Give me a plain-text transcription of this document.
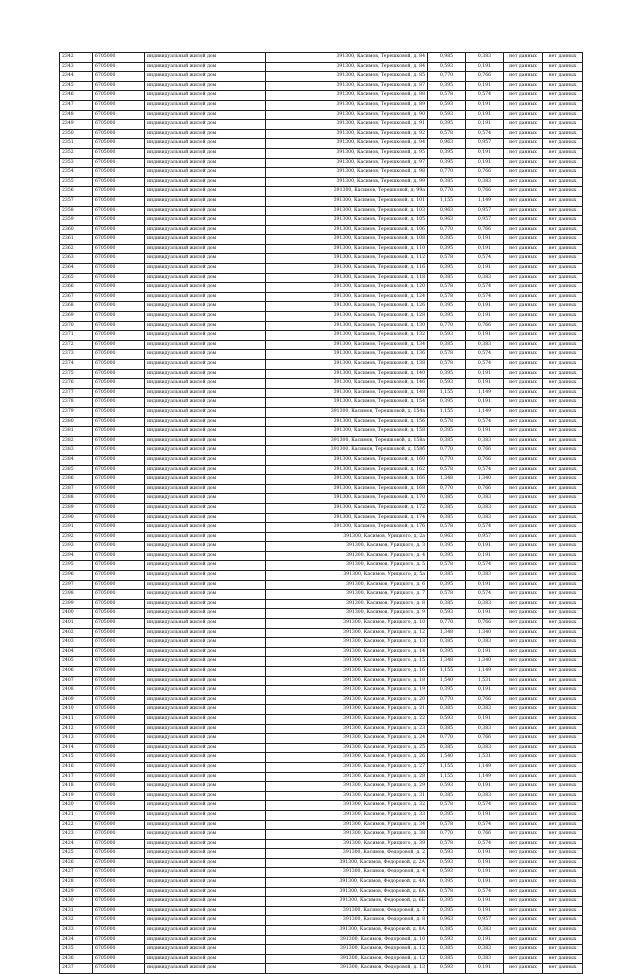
2342	6705000	индивидуальный жилой дом	391300, Касимов, Терешковой, д. 84	0,985	0,383	нет данных	нет данных
2343	6705000	индивидуальный жилой дом	391300, Касимов, Терешковой, д. 84	0,593	0,191	нет данных	нет данных
2344	6705000	индивидуальный жилой дом	391300, Касимов, Терешковой, д. 85	0,770	0,766	нет данных	нет данных
2345	6705000	индивидуальный жилой дом	391300, Касимов, Терешковой, д. 87	0,395	0,191	нет данных	нет данных
2346	6705000	индивидуальный жилой дом	391300, Касимов, Терешковой, д. 88	0,578	0,574	нет данных	нет данных
2347	6705000	индивидуальный жилой дом	391300, Касимов, Терешковой, д. 89	0,593	0,191	нет данных	нет данных
2348	6705000	индивидуальный жилой дом	391300, Касимов, Терешковой, д. 90	0,593	0,191	нет данных	нет данных
2349	6705000	индивидуальный жилой дом	391300, Касимов, Терешковой, д. 91	0,395	0,191	нет данных	нет данных
2350	6705000	индивидуальный жилой дом	391300, Касимов, Терешковой, д. 92	0,578	0,574	нет данных	нет данных
2351	6705000	индивидуальный жилой дом	391300, Касимов, Терешковой, д. 94	0,963	0,957	нет данных	нет данных
2352	6705000	индивидуальный жилой дом	391300, Касимов, Терешковой, д. 95	0,395	0,191	нет данных	нет данных
2353	6705000	индивидуальный жилой дом	391300, Касимов, Терешковой, д. 97	0,395	0,191	нет данных	нет данных
2354	6705000	индивидуальный жилой дом	391300, Касимов, Терешковой, д. 98	0,770	0,766	нет данных	нет данных
2355	6705000	индивидуальный жилой дом	391300, Касимов, Терешковой, д. 99	0,385	0,383	нет данных	нет данных
2356	6705000	индивидуальный жилой дом	391300, Касимов, Терешковой, д. 99а	0,770	0,766	нет данных	нет данных
2357	6705000	индивидуальный жилой дом	391300, Касимов, Терешковой, д. 101	1,155	1,149	нет данных	нет данных
2358	6705000	индивидуальный жилой дом	391300, Касимов, Терешковой, д. 103	0,963	0,957	нет данных	нет данных
2359	6705000	индивидуальный жилой дом	391300, Касимов, Терешковой, д. 105	0,963	0,957	нет данных	нет данных
2360	6705000	индивидуальный жилой дом	391300, Касимов, Терешковой, д. 106	0,770	0,766	нет данных	нет данных
2361	6705000	индивидуальный жилой дом	391300, Касимов, Терешковой, д. 108	0,395	0,191	нет данных	нет данных
2362	6705000	индивидуальный жилой дом	391300, Касимов, Терешковой, д. 110	0,395	0,191	нет данных	нет данных
2363	6705000	индивидуальный жилой дом	391300, Касимов, Терешковой, д. 112	0,578	0,574	нет данных	нет данных
2364	6705000	индивидуальный жилой дом	391300, Касимов, Терешковой, д. 116	0,395	0,191	нет данных	нет данных
2365	6705000	индивидуальный жилой дом	391300, Касимов, Терешковой, д. 118	0,385	0,383	нет данных	нет данных
2366	6705000	индивидуальный жилой дом	391300, Касимов, Терешковой, д. 120	0,578	0,574	нет данных	нет данных
2367	6705000	индивидуальный жилой дом	391300, Касимов, Терешковой, д. 124	0,578	0,574	нет данных	нет данных
2368	6705000	индивидуальный жилой дом	391300, Касимов, Терешковой, д. 126	0,395	0,191	нет данных	нет данных
2369	6705000	индивидуальный жилой дом	391300, Касимов, Терешковой, д. 128	0,395	0,191	нет данных	нет данных
2370	6705000	индивидуальный жилой дом	391300, Касимов, Терешковой, д. 130	0,770	0,766	нет данных	нет данных
2371	6705000	индивидуальный жилой дом	391300, Касимов, Терешковой, д. 132	0,593	0,191	нет данных	нет данных
2372	6705000	индивидуальный жилой дом	391300, Касимов, Терешковой, д. 134	0,385	0,383	нет данных	нет данных
2373	6705000	индивидуальный жилой дом	391300, Касимов, Терешковой, д. 136	0,578	0,574	нет данных	нет данных
2374	6705000	индивидуальный жилой дом	391300, Касимов, Терешковой, д. 138	0,578	0,574	нет данных	нет данных
2375	6705000	индивидуальный жилой дом	391300, Касимов, Терешковой, д. 140	0,395	0,191	нет данных	нет данных
2376	6705000	индивидуальный жилой дом	391300, Касимов, Терешковой, д. 146	0,593	0,191	нет данных	нет данных
2377	6705000	индивидуальный жилой дом	391300, Касимов, Терешковой, д. 148	1,155	1,149	нет данных	нет данных
2378	6705000	индивидуальный жилой дом	391300, Касимов, Терешковой, д. 154	0,395	0,191	нет данных	нет данных
2379	6705000	индивидуальный жилой дом	391300, Касимов, Терешковой, д. 154а	1,155	1,149	нет данных	нет данных
2380	6705000	индивидуальный жилой дом	391300, Касимов, Терешковой, д. 156	0,578	0,574	нет данных	нет данных
2381	6705000	индивидуальный жилой дом	391300, Касимов, Терешковой, д. 158	0,395	0,191	нет данных	нет данных
2382	6705000	индивидуальный жилой дом	391300, Касимов, Терешковой, д. 158а	0,385	0,383	нет данных	нет данных
2383	6705000	индивидуальный жилой дом	391300, Касимов, Терешковой, д. 158б	0,770	0,766	нет данных	нет данных
2384	6705000	индивидуальный жилой дом	391300, Касимов, Терешковой, д. 160	0,770	0,766	нет данных	нет данных
2385	6705000	индивидуальный жилой дом	391300, Касимов, Терешковой, д. 162	0,578	0,574	нет данных	нет данных
2386	6705000	индивидуальный жилой дом	391300, Касимов, Терешковой, д. 166	1,348	1,340	нет данных	нет данных
2387	6705000	индивидуальный жилой дом	391300, Касимов, Терешковой, д. 168	0,770	0,766	нет данных	нет данных
2388	6705000	индивидуальный жилой дом	391300, Касимов, Терешковой, д. 170	0,385	0,383	нет данных	нет данных
2389	6705000	индивидуальный жилой дом	391300, Касимов, Терешковой, д. 172	0,385	0,383	нет данных	нет данных
2390	6705000	индивидуальный жилой дом	391300, Касимов, Терешковой, д. 174	0,385	0,383	нет данных	нет данных
2391	6705000	индивидуальный жилой дом	391300, Касимов, Терешковой, д. 176	0,578	0,574	нет данных	нет данных
2392	6705000	индивидуальный жилой дом	391300, Касимов, Урицкого, д. 2а	0,963	0,957	нет данных	нет данных
2393	6705000	индивидуальный жилой дом	391300, Касимов, Урицкого, д. 3	0,395	0,191	нет данных	нет данных
2394	6705000	индивидуальный жилой дом	391300, Касимов, Урицкого, д. 4	0,395	0,191	нет данных	нет данных
2395	6705000	индивидуальный жилой дом	391300, Касимов, Урицкого, д. 5	0,578	0,574	нет данных	нет данных
2396	6705000	индивидуальный жилой дом	391300, Касимов, Урицкого, д. 5а	0,385	0,383	нет данных	нет данных
2397	6705000	индивидуальный жилой дом	391300, Касимов, Урицкого, д. 6	0,395	0,191	нет данных	нет данных
2398	6705000	индивидуальный жилой дом	391300, Касимов, Урицкого, д. 7	0,578	0,574	нет данных	нет данных
2399	6705000	индивидуальный жилой дом	391300, Касимов, Урицкого, д. 8	0,385	0,383	нет данных	нет данных
2400	6705000	индивидуальный жилой дом	391300, Касимов, Урицкого, д. 9	0,593	0,191	нет данных	нет данных
2401	6705000	индивидуальный жилой дом	391300, Касимов, Урицкого, д. 10	0,770	0,766	нет данных	нет данных
2402	6705000	индивидуальный жилой дом	391300, Касимов, Урицкого, д. 12	1,348	1,340	нет данных	нет данных
2403	6705000	индивидуальный жилой дом	391300, Касимов, Урицкого, д. 13	0,385	0,383	нет данных	нет данных
2404	6705000	индивидуальный жилой дом	391300, Касимов, Урицкого, д. 14	0,395	0,191	нет данных	нет данных
2405	6705000	индивидуальный жилой дом	391300, Касимов, Урицкого, д. 15	1,348	1,340	нет данных	нет данных
2406	6705000	индивидуальный жилой дом	391300, Касимов, Урицкого, д. 16	1,155	1,149	нет данных	нет данных
2407	6705000	индивидуальный жилой дом	391300, Касимов, Урицкого, д. 18	1,540	1,531	нет данных	нет данных
2408	6705000	индивидуальный жилой дом	391300, Касимов, Урицкого, д. 19	0,395	0,191	нет данных	нет данных
2409	6705000	индивидуальный жилой дом	391300, Касимов, Урицкого, д. 20	0,770	0,766	нет данных	нет данных
2410	6705000	индивидуальный жилой дом	391300, Касимов, Урицкого, д. 21	0,385	0,383	нет данных	нет данных
2411	6705000	индивидуальный жилой дом	391300, Касимов, Урицкого, д. 22	0,593	0,191	нет данных	нет данных
2412	6705000	индивидуальный жилой дом	391300, Касимов, Урицкого, д. 23	0,385	0,383	нет данных	нет данных
2413	6705000	индивидуальный жилой дом	391300, Касимов, Урицкого, д. 24	0,770	0,766	нет данных	нет данных
2414	6705000	индивидуальный жилой дом	391300, Касимов, Урицкого, д. 25	0,385	0,383	нет данных	нет данных
2415	6705000	индивидуальный жилой дом	391300, Касимов, Урицкого, д. 26	1,540	1,531	нет данных	нет данных
2416	6705000	индивидуальный жилой дом	391300, Касимов, Урицкого, д. 27	1,155	1,149	нет данных	нет данных
2417	6705000	индивидуальный жилой дом	391300, Касимов, Урицкого, д. 28	1,155	1,149	нет данных	нет данных
2418	6705000	индивидуальный жилой дом	391300, Касимов, Урицкого, д. 29	0,593	0,191	нет данных	нет данных
2419	6705000	индивидуальный жилой дом	391300, Касимов, Урицкого, д. 31	0,385	0,383	нет данных	нет данных
2420	6705000	индивидуальный жилой дом	391300, Касимов, Урицкого, д. 32	0,578	0,574	нет данных	нет данных
2421	6705000	индивидуальный жилой дом	391300, Касимов, Урицкого, д. 33	0,395	0,191	нет данных	нет данных
2422	6705000	индивидуальный жилой дом	391300, Касимов, Урицкого, д. 34	0,578	0,574	нет данных	нет данных
2423	6705000	индивидуальный жилой дом	391300, Касимов, Урицкого, д. 38	0,770	0,766	нет данных	нет данных
2424	6705000	индивидуальный жилой дом	391300, Касимов, Урицкого, д. 39	0,578	0,574	нет данных	нет данных
2425	6705000	индивидуальный жилой дом	391300, Касимов, Федоровой, д. 2	0,593	0,191	нет данных	нет данных
2426	6705000	индивидуальный жилой дом	391300, Касимов, Федоровой, д. 2А	0,593	0,191	нет данных	нет данных
2427	6705000	индивидуальный жилой дом	391300, Касимов, Федоровой, д. 4	0,593	0,191	нет данных	нет данных
2428	6705000	индивидуальный жилой дом	391300, Касимов, Федоровой, д. 4А	0,395	0,191	нет данных	нет данных
2429	6705000	индивидуальный жилой дом	391300, Касимов, Федоровой, д. 6А	0,578	0,574	нет данных	нет данных
2430	6705000	индивидуальный жилой дом	391300, Касимов, Федоровой, д. 6Б	0,395	0,191	нет данных	нет данных
2431	6705000	индивидуальный жилой дом	391300, Касимов, Федоровой, д. 7	0,395	0,191	нет данных	нет данных
2432	6705000	индивидуальный жилой дом	391300, Касимов, Федоровой, д. 8	0,963	0,957	нет данных	нет данных
2433	6705000	индивидуальный жилой дом	391300, Касимов, Федоровой, д. 8А	0,385	0,383	нет данных	нет данных
2434	6705000	индивидуальный жилой дом	391300, Касимов, Федоровой, д. 10	0,593	0,191	нет данных	нет данных
2435	6705000	индивидуальный жилой дом	391300, Касимов, Федоровой, д. 12	0,385	0,383	нет данных	нет данных
2436	6705000	индивидуальный жилой дом	391300, Касимов, Федоровой, д. 12	0,385	0,383	нет данных	нет данных
2437	6705000	индивидуальный жилой дом	391300, Касимов, Федоровой, д. 13	0,593	0,191	нет данных	нет данных
